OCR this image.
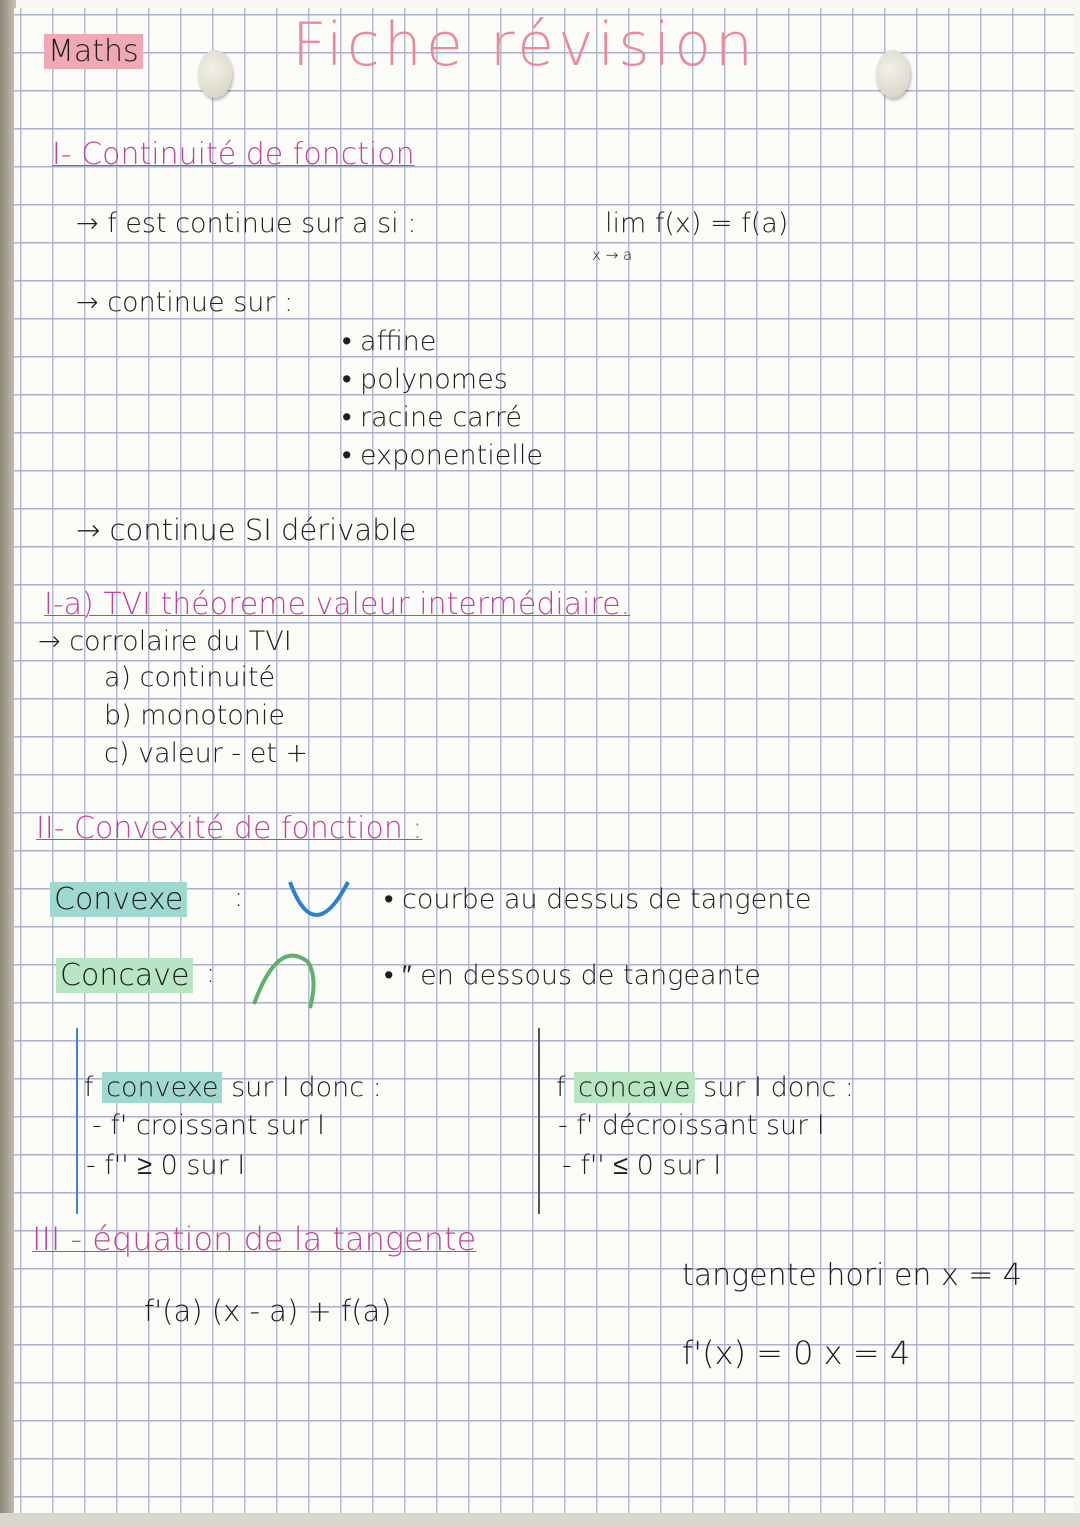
Maths	Fiche révision
I- Continuité de fonction
→ f est continue sur a si :	lim f(x) = f(a)
x → a
→ continue sur :
• affine
• polynomes
• racine carré
• exponentielle
→ continue SI dérivable
I-a) TVI théoreme valeur intermédiaire.
→ corrolaire du TVI
a) continuité
b) monotonie
c) valeur - et +
II- Convexité de fonction :
Convexe :	• courbe au dessus de tangente
Concave :	• ″ en dessous de tangeante
f convexe sur I donc :
- f' croissant sur I
- f'' ≥ 0 sur I
f concave sur I donc :
- f' décroissant sur I
- f'' ≤ 0 sur I
III - équation de la tangente
f'(a) (x - a) + f(a)
tangente hori en x = 4
f'(x) = 0 x = 4
